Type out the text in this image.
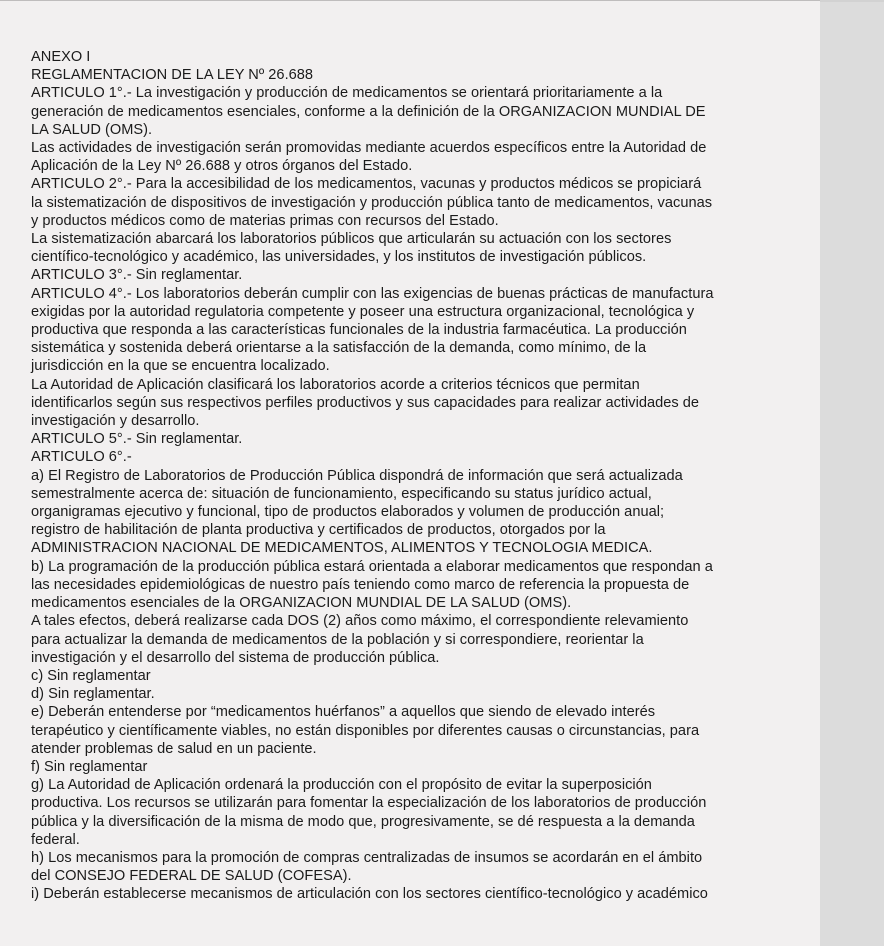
ANEXO I

REGLAMENTACION DE LA LEY Nº 26.688

ARTICULO 1°.- La investigación y producción de medicamentos se orientará prioritariamente a la

generación de medicamentos esenciales, conforme a la definición de la ORGANIZACION MUNDIAL DE

LA SALUD (OMS).

Las actividades de investigación serán promovidas mediante acuerdos específicos entre la Autoridad de

Aplicación de la Ley Nº 26.688 y otros órganos del Estado.

ARTICULO 2°.- Para la accesibilidad de los medicamentos, vacunas y productos médicos se propiciará

la sistematización de dispositivos de investigación y producción pública tanto de medicamentos, vacunas

y productos médicos como de materias primas con recursos del Estado.

La sistematización abarcará los laboratorios públicos que articularán su actuación con los sectores

científico-tecnológico y académico, las universidades, y los institutos de investigación públicos.

ARTICULO 3°.- Sin reglamentar.

ARTICULO 4°.- Los laboratorios deberán cumplir con las exigencias de buenas prácticas de manufactura

exigidas por la autoridad regulatoria competente y poseer una estructura organizacional, tecnológica y

productiva que responda a las características funcionales de la industria farmacéutica. La producción

sistemática y sostenida deberá orientarse a la satisfacción de la demanda, como mínimo, de la

jurisdicción en la que se encuentra localizado.

La Autoridad de Aplicación clasificará los laboratorios acorde a criterios técnicos que permitan

identificarlos según sus respectivos perfiles productivos y sus capacidades para realizar actividades de

investigación y desarrollo.

ARTICULO 5°.- Sin reglamentar.

ARTICULO 6°.-

a) El Registro de Laboratorios de Producción Pública dispondrá de información que será actualizada

semestralmente acerca de: situación de funcionamiento, especificando su status jurídico actual,

organigramas ejecutivo y funcional, tipo de productos elaborados y volumen de producción anual;

registro de habilitación de planta productiva y certificados de productos, otorgados por la

ADMINISTRACION NACIONAL DE MEDICAMENTOS, ALIMENTOS Y TECNOLOGIA MEDICA.

b) La programación de la producción pública estará orientada a elaborar medicamentos que respondan a

las necesidades epidemiológicas de nuestro país teniendo como marco de referencia la propuesta de

medicamentos esenciales de la ORGANIZACION MUNDIAL DE LA SALUD (OMS).

A tales efectos, deberá realizarse cada DOS (2) años como máximo, el correspondiente relevamiento

para actualizar la demanda de medicamentos de la población y si correspondiere, reorientar la

investigación y el desarrollo del sistema de producción pública.

c) Sin reglamentar

d) Sin reglamentar.

e) Deberán entenderse por “medicamentos huérfanos” a aquellos que siendo de elevado interés

terapéutico y científicamente viables, no están disponibles por diferentes causas o circunstancias, para

atender problemas de salud en un paciente.

f) Sin reglamentar

g) La Autoridad de Aplicación ordenará la producción con el propósito de evitar la superposición

productiva. Los recursos se utilizarán para fomentar la especialización de los laboratorios de producción

pública y la diversificación de la misma de modo que, progresivamente, se dé respuesta a la demanda

federal.

h) Los mecanismos para la promoción de compras centralizadas de insumos se acordarán en el ámbito

del CONSEJO FEDERAL DE SALUD (COFESA).

i) Deberán establecerse mecanismos de articulación con los sectores científico-tecnológico y académico
